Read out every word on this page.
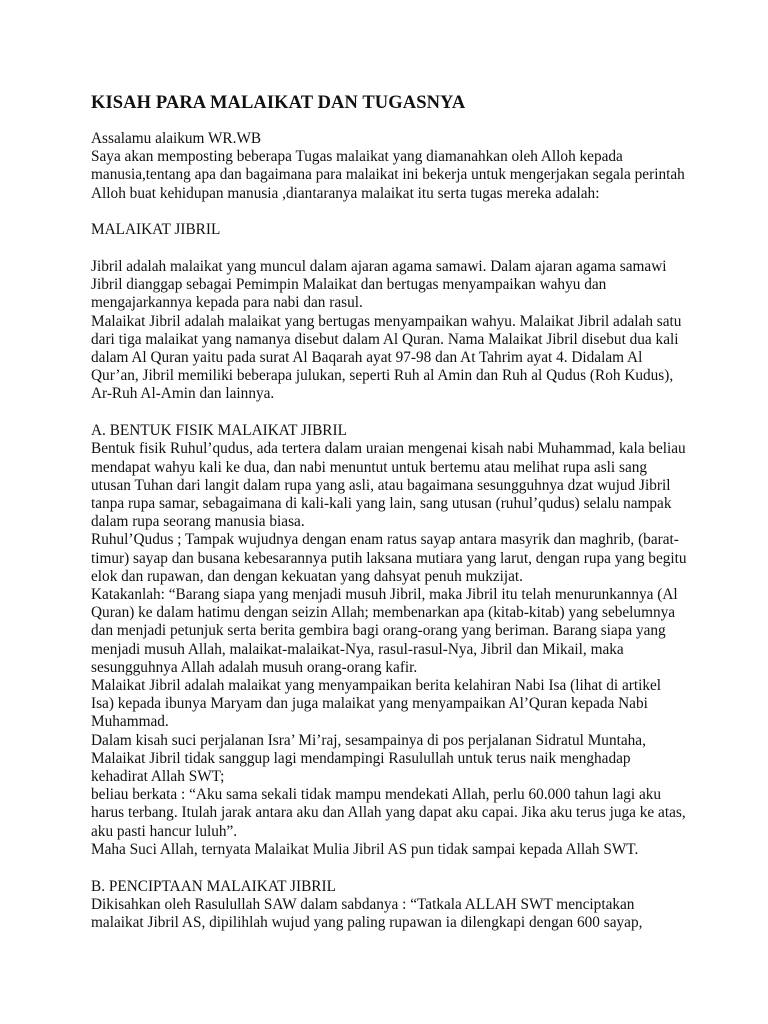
KISAH PARA MALAIKAT DAN TUGASNYA

Assalamu alaikum WR.WB

Saya akan memposting beberapa Tugas malaikat yang diamanahkan oleh Alloh kepada

manusia,tentang apa dan bagaimana para malaikat ini bekerja untuk mengerjakan segala perintah

Alloh buat kehidupan manusia ,diantaranya malaikat itu serta tugas mereka adalah:

MALAIKAT JIBRIL

Jibril adalah malaikat yang muncul dalam ajaran agama samawi. Dalam ajaran agama samawi

Jibril dianggap sebagai Pemimpin Malaikat dan bertugas menyampaikan wahyu dan

mengajarkannya kepada para nabi dan rasul.

Malaikat Jibril adalah malaikat yang bertugas menyampaikan wahyu. Malaikat Jibril adalah satu

dari tiga malaikat yang namanya disebut dalam Al Quran. Nama Malaikat Jibril disebut dua kali

dalam Al Quran yaitu pada surat Al Baqarah ayat 97-98 dan At Tahrim ayat 4. Didalam Al

Qur’an, Jibril memiliki beberapa julukan, seperti Ruh al Amin dan Ruh al Qudus (Roh Kudus),

Ar-Ruh Al-Amin dan lainnya.

A. BENTUK FISIK MALAIKAT JIBRIL

Bentuk fisik Ruhul’qudus, ada tertera dalam uraian mengenai kisah nabi Muhammad, kala beliau

mendapat wahyu kali ke dua, dan nabi menuntut untuk bertemu atau melihat rupa asli sang

utusan Tuhan dari langit dalam rupa yang asli, atau bagaimana sesungguhnya dzat wujud Jibril

tanpa rupa samar, sebagaimana di kali-kali yang lain, sang utusan (ruhul’qudus) selalu nampak

dalam rupa seorang manusia biasa.

Ruhul’Qudus ; Tampak wujudnya dengan enam ratus sayap antara masyrik dan maghrib, (barat-

timur) sayap dan busana kebesarannya putih laksana mutiara yang larut, dengan rupa yang begitu

elok dan rupawan, dan dengan kekuatan yang dahsyat penuh mukzijat.

Katakanlah: “Barang siapa yang menjadi musuh Jibril, maka Jibril itu telah menurunkannya (Al

Quran) ke dalam hatimu dengan seizin Allah; membenarkan apa (kitab-kitab) yang sebelumnya

dan menjadi petunjuk serta berita gembira bagi orang-orang yang beriman. Barang siapa yang

menjadi musuh Allah, malaikat-malaikat-Nya, rasul-rasul-Nya, Jibril dan Mikail, maka

sesungguhnya Allah adalah musuh orang-orang kafir.

Malaikat Jibril adalah malaikat yang menyampaikan berita kelahiran Nabi Isa (lihat di artikel

Isa) kepada ibunya Maryam dan juga malaikat yang menyampaikan Al’Quran kepada Nabi

Muhammad.

Dalam kisah suci perjalanan Isra’ Mi’raj, sesampainya di pos perjalanan Sidratul Muntaha,

Malaikat Jibril tidak sanggup lagi mendampingi Rasulullah untuk terus naik menghadap

kehadirat Allah SWT;

beliau berkata : “Aku sama sekali tidak mampu mendekati Allah, perlu 60.000 tahun lagi aku

harus terbang. Itulah jarak antara aku dan Allah yang dapat aku capai. Jika aku terus juga ke atas,

aku pasti hancur luluh”.

Maha Suci Allah, ternyata Malaikat Mulia Jibril AS pun tidak sampai kepada Allah SWT.

B. PENCIPTAAN MALAIKAT JIBRIL

Dikisahkan oleh Rasulullah SAW dalam sabdanya : “Tatkala ALLAH SWT menciptakan

malaikat Jibril AS, dipilihlah wujud yang paling rupawan ia dilengkapi dengan 600 sayap,
